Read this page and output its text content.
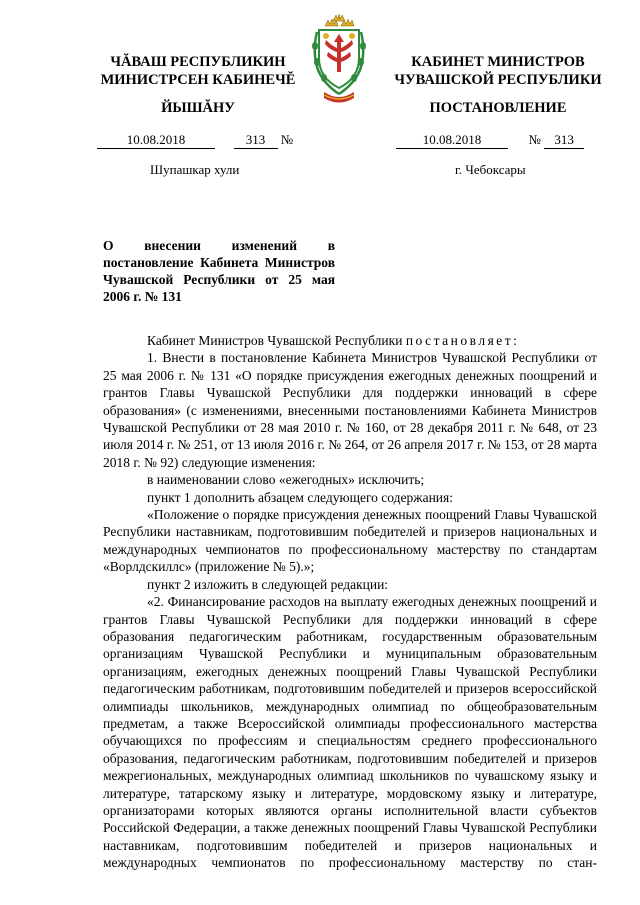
ЧĂВАШ РЕСПУБЛИКИН
МИНИСТРСЕН КАБИНЕЧĔ
ЙЫШĂНУ
КАБИНЕТ МИНИСТРОВ
ЧУВАШСКОЙ РЕСПУБЛИКИ
ПОСТАНОВЛЕНИЕ
10.08.2018	313 №	10.08.2018	№ 313
Шупашкар хули	г. Чебоксары
О внесении изменений в постановление Кабинета Министров Чувашской Республики от 25 мая 2006 г. № 131

Кабинет Министров Чувашской Республики постановляет:

1. Внести в постановление Кабинета Министров Чувашской Республики от 25 мая 2006 г. № 131 «О порядке присуждения ежегодных денежных поощрений и грантов Главы Чувашской Республики для поддержки инноваций в сфере образования» (с изменениями, внесенными постановлениями Кабинета Министров Чувашской Республики от 28 мая 2010 г. № 160, от 28 декабря 2011 г. № 648, от 23 июля 2014 г. № 251, от 13 июля 2016 г. № 264, от 26 апреля 2017 г. № 153, от 28 марта 2018 г. № 92) следующие изменения:

в наименовании слово «ежегодных» исключить;

пункт 1 дополнить абзацем следующего содержания:

«Положение о порядке присуждения денежных поощрений Главы Чувашской Республики наставникам, подготовившим победителей и призеров национальных и международных чемпионатов по профессиональному мастерству по стандартам «Ворлдскиллс» (приложение № 5).»;

пункт 2 изложить в следующей редакции:

«2. Финансирование расходов на выплату ежегодных денежных поощрений и грантов Главы Чувашской Республики для поддержки инноваций в сфере образования педагогическим работникам, государственным образовательным организациям Чувашской Республики и муниципальным образовательным организациям, ежегодных денежных поощрений Главы Чувашской Республики педагогическим работникам, подготовившим победителей и призеров всероссийской олимпиады школьников, международных олимпиад по общеобразовательным предметам, а также Всероссийской олимпиады профессионального мастерства обучающихся по профессиям и специальностям среднего профессионального образования, педагогическим работникам, подготовившим победителей и призеров межрегиональных, международных олимпиад школьников по чувашскому языку и литературе, татарскому языку и литературе, мордовскому языку и литературе, организаторами которых являются органы исполнительной власти субъектов Российской Федерации, а также денежных поощрений Главы Чувашской Республики наставникам, подготовившим победителей и призеров национальных и международных чемпионатов по профессиональному мастерству по стан-
